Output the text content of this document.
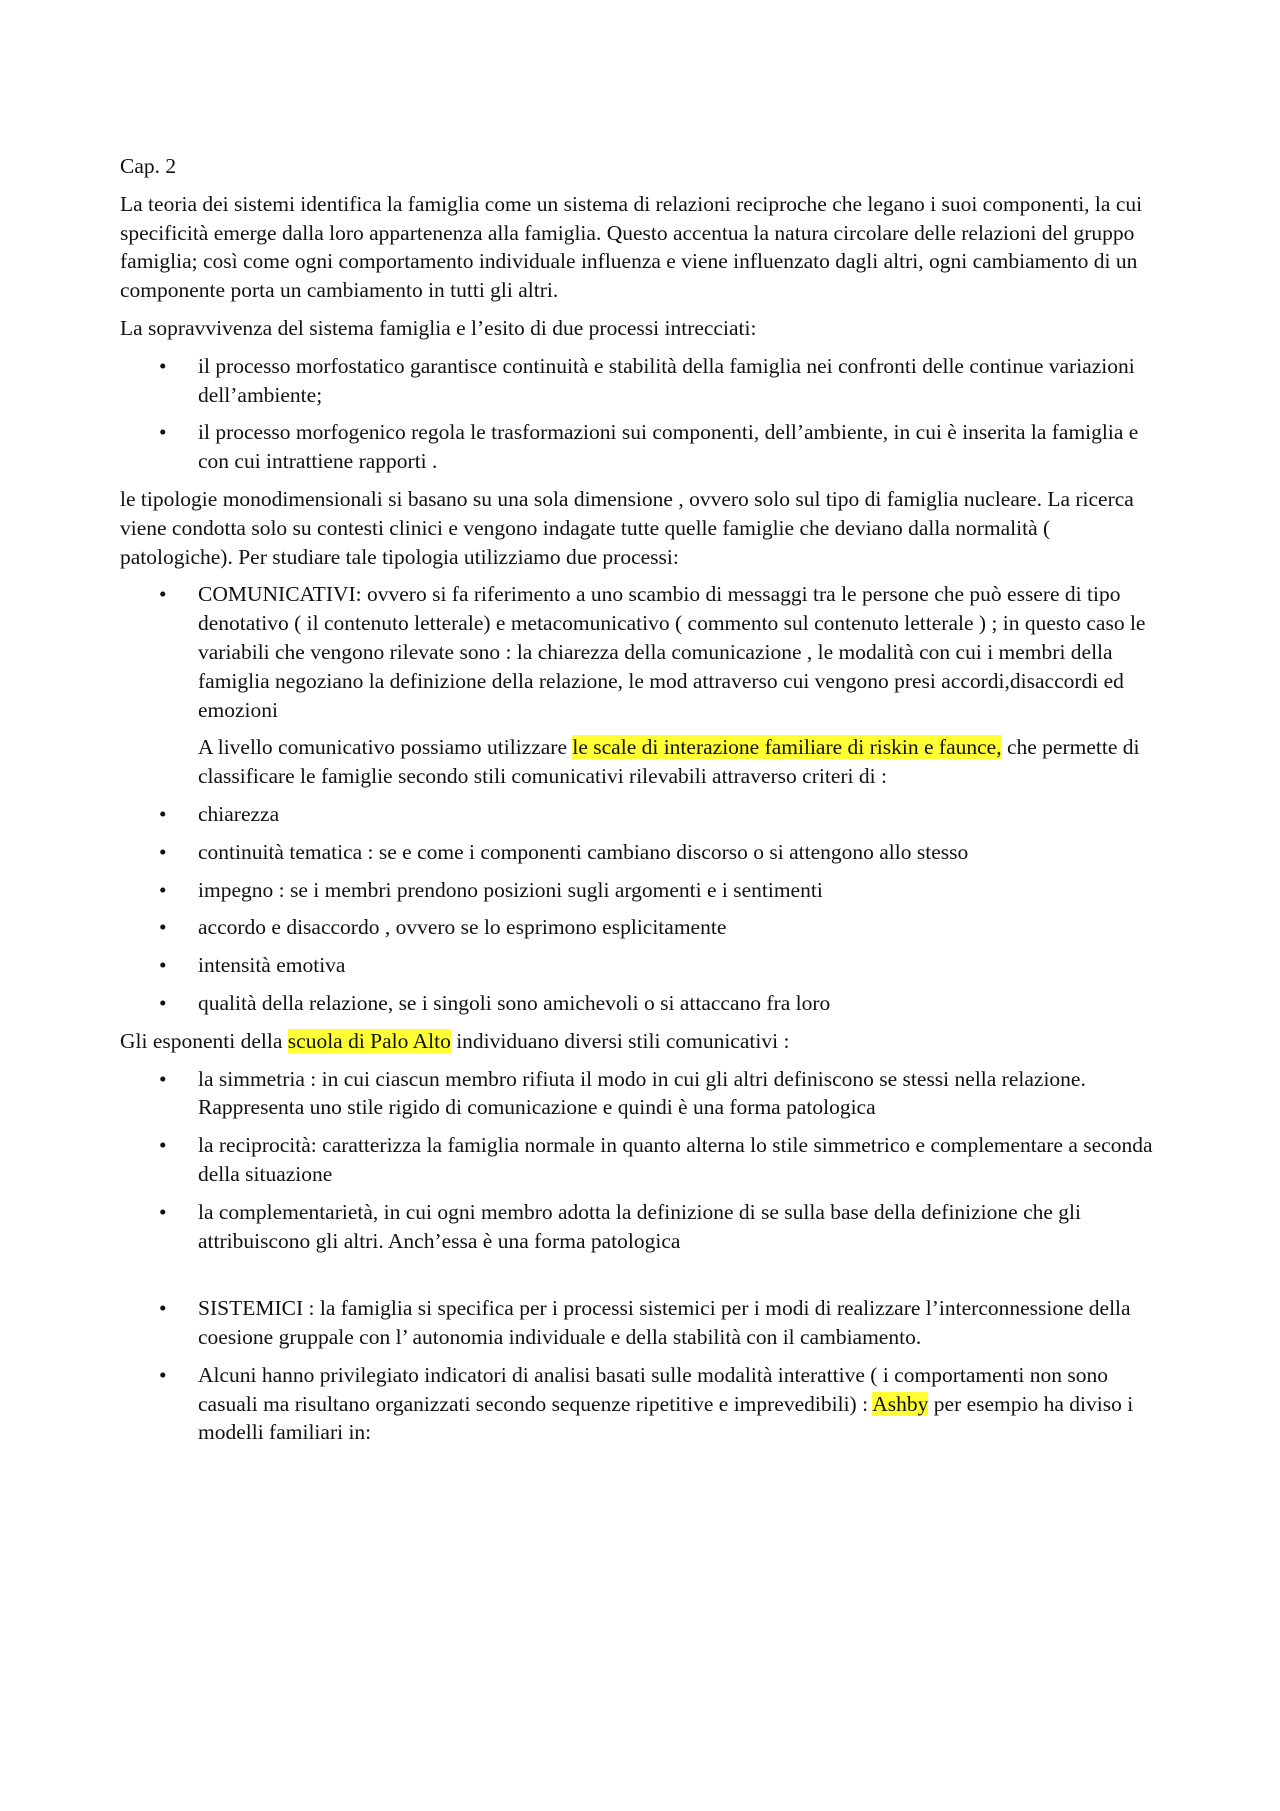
Cap. 2

La teoria dei sistemi identifica la famiglia come un sistema di relazioni reciproche che legano i suoi componenti, la cui specificità emerge dalla loro appartenenza alla famiglia. Questo accentua la natura circolare delle relazioni del gruppo famiglia; così come ogni comportamento individuale influenza e viene influenzato dagli altri, ogni cambiamento di un componente porta un cambiamento in tutti gli altri.

La sopravvivenza del sistema famiglia e l’esito di due processi intrecciati:

• il processo morfostatico garantisce continuità e stabilità della famiglia nei confronti delle continue variazioni dell’ambiente;
• il processo morfogenico regola le trasformazioni sui componenti, dell’ambiente, in cui è inserita la famiglia e con cui intrattiene rapporti .

le tipologie monodimensionali si basano su una sola dimensione , ovvero solo sul tipo di famiglia nucleare. La ricerca viene condotta solo su contesti clinici e vengono indagate tutte quelle famiglie che deviano dalla normalità ( patologiche). Per studiare tale tipologia utilizziamo due processi:

• COMUNICATIVI: ovvero si fa riferimento a uno scambio di messaggi tra le persone che può essere di tipo denotativo ( il contenuto letterale) e metacomunicativo ( commento sul contenuto letterale ) ; in questo caso le variabili che vengono rilevate sono : la chiarezza della comunicazione , le modalità con cui i membri della famiglia negoziano la definizione della relazione, le mod attraverso cui vengono presi accordi,disaccordi ed emozioni

A livello comunicativo possiamo utilizzare le scale di interazione familiare di riskin e faunce, che permette di classificare le famiglie secondo stili comunicativi rilevabili attraverso criteri di :

• chiarezza
• continuità tematica : se e come i componenti cambiano discorso o si attengono allo stesso
• impegno : se i membri prendono posizioni sugli argomenti e i sentimenti
• accordo e disaccordo , ovvero se lo esprimono esplicitamente
• intensità emotiva
• qualità della relazione, se i singoli sono amichevoli o si attaccano fra loro

Gli esponenti della scuola di Palo Alto individuano diversi stili comunicativi :

• la simmetria : in cui ciascun membro rifiuta il modo in cui gli altri definiscono se stessi nella relazione. Rappresenta uno stile rigido di comunicazione e quindi è una forma patologica
• la reciprocità: caratterizza la famiglia normale in quanto alterna lo stile simmetrico e complementare a seconda della situazione
• la complementarietà, in cui ogni membro adotta la definizione di se sulla base della definizione che gli attribuiscono gli altri. Anch’essa è una forma patologica
• SISTEMICI : la famiglia si specifica per i processi sistemici per i modi di realizzare l’interconnessione della coesione gruppale con l’ autonomia individuale e della stabilità con il cambiamento.
• Alcuni hanno privilegiato indicatori di analisi basati sulle modalità interattive ( i comportamenti non sono casuali ma risultano organizzati secondo sequenze ripetitive e imprevedibili) : Ashby per esempio ha diviso i modelli familiari in:
